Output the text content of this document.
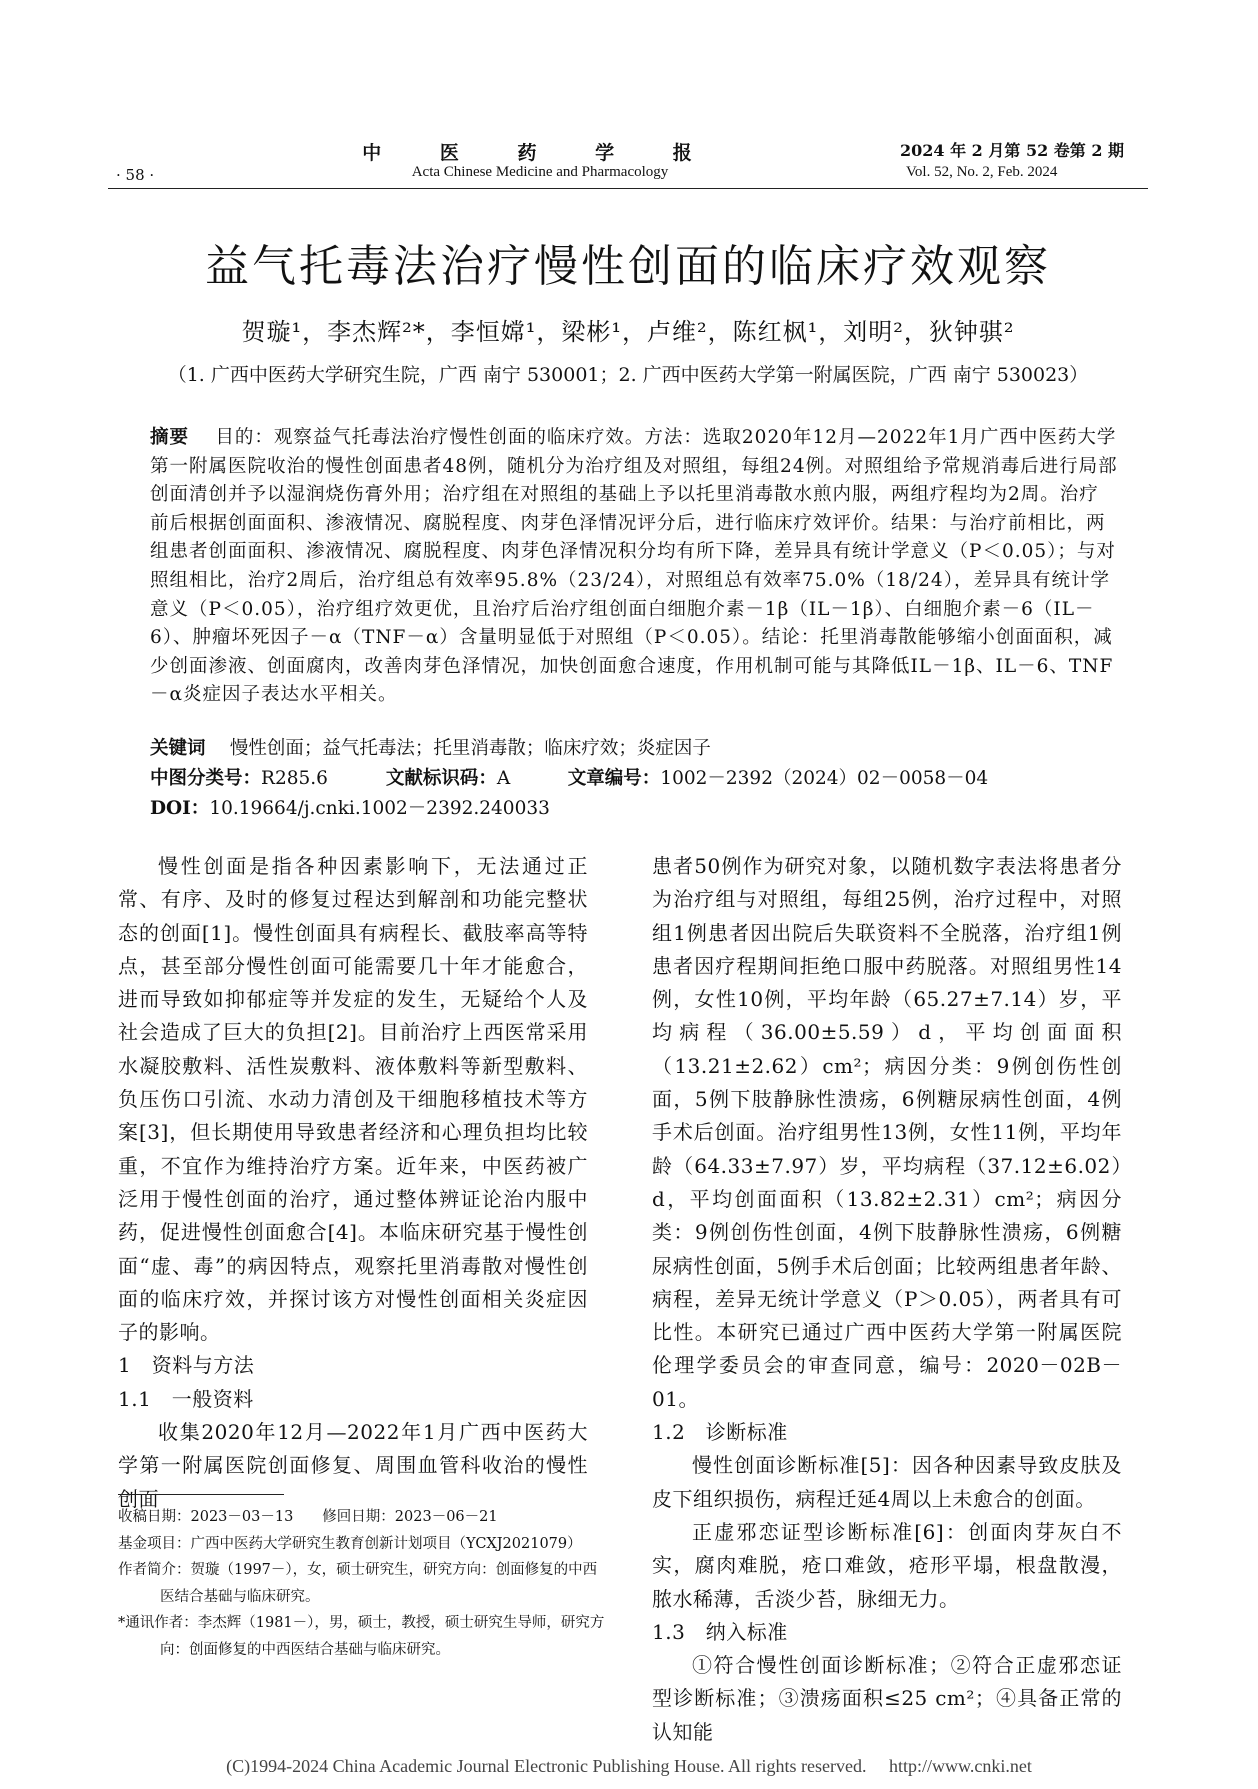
中 医 药 学 报
Acta Chinese Medicine and Pharmacology
· 58 ·
2024 年 2 月第 52 卷第 2 期
Vol. 52, No. 2, Feb. 2024
益气托毒法治疗慢性创面的临床疗效观察
贺璇¹，李杰辉²*，李恒嫦¹，梁彬¹，卢维²，陈红枫¹，刘明²，狄钟骐²
（1. 广西中医药大学研究生院，广西 南宁 530001；2. 广西中医药大学第一附属医院，广西 南宁 530023）
摘要　 目的：观察益气托毒法治疗慢性创面的临床疗效。方法：选取2020年12月—2022年1月广西中医药大学第一附属医院收治的慢性创面患者48例，随机分为治疗组及对照组，每组24例。对照组给予常规消毒后进行局部创面清创并予以湿润烧伤膏外用；治疗组在对照组的基础上予以托里消毒散水煎内服，两组疗程均为2周。治疗前后根据创面面积、渗液情况、腐脱程度、肉芽色泽情况评分后，进行临床疗效评价。结果：与治疗前相比，两组患者创面面积、渗液情况、腐脱程度、肉芽色泽情况积分均有所下降，差异具有统计学意义（P＜0.05）；与对照组相比，治疗2周后，治疗组总有效率95.8%（23/24），对照组总有效率75.0%（18/24），差异具有统计学意义（P＜0.05），治疗组疗效更优，且治疗后治疗组创面白细胞介素－1β（IL－1β）、白细胞介素－6（IL－6）、肿瘤坏死因子－α（TNF－α）含量明显低于对照组（P＜0.05）。结论：托里消毒散能够缩小创面面积，减少创面渗液、创面腐肉，改善肉芽色泽情况，加快创面愈合速度，作用机制可能与其降低IL－1β、IL－6、TNF－α炎症因子表达水平相关。
关键词　 慢性创面；益气托毒法；托里消毒散；临床疗效；炎症因子
中图分类号：R285.6	文献标识码：A	文章编号：1002－2392（2024）02－0058－04
DOI：10.19664/j.cnki.1002－2392.240033

慢性创面是指各种因素影响下，无法通过正常、有序、及时的修复过程达到解剖和功能完整状态的创面[1]。慢性创面具有病程长、截肢率高等特点，甚至部分慢性创面可能需要几十年才能愈合，进而导致如抑郁症等并发症的发生，无疑给个人及社会造成了巨大的负担[2]。目前治疗上西医常采用水凝胶敷料、活性炭敷料、液体敷料等新型敷料、负压伤口引流、水动力清创及干细胞移植技术等方案[3]，但长期使用导致患者经济和心理负担均比较重，不宜作为维持治疗方案。近年来，中医药被广泛用于慢性创面的治疗，通过整体辨证论治内服中药，促进慢性创面愈合[4]。本临床研究基于慢性创面“虚、毒”的病因特点，观察托里消毒散对慢性创面的临床疗效，并探讨该方对慢性创面相关炎症因子的影响。

1　资料与方法

1.1　一般资料

收集2020年12月—2022年1月广西中医药大学第一附属医院创面修复、周围血管科收治的慢性创面

患者50例作为研究对象，以随机数字表法将患者分为治疗组与对照组，每组25例，治疗过程中，对照组1例患者因出院后失联资料不全脱落，治疗组1例患者因疗程期间拒绝口服中药脱落。对照组男性14例，女性10例，平均年龄（65.27±7.14）岁，平均病程（36.00±5.59）d，平均创面面积（13.21±2.62）cm²；病因分类：9例创伤性创面，5例下肢静脉性溃疡，6例糖尿病性创面，4例手术后创面。治疗组男性13例，女性11例，平均年龄（64.33±7.97）岁，平均病程（37.12±6.02）d，平均创面面积（13.82±2.31）cm²；病因分类：9例创伤性创面，4例下肢静脉性溃疡，6例糖尿病性创面，5例手术后创面；比较两组患者年龄、病程，差异无统计学意义（P＞0.05），两者具有可比性。本研究已通过广西中医药大学第一附属医院伦理学委员会的审查同意，编号：2020－02B－01。

1.2　诊断标准

慢性创面诊断标准[5]：因各种因素导致皮肤及皮下组织损伤，病程迁延4周以上未愈合的创面。

正虚邪恋证型诊断标准[6]：创面肉芽灰白不实，腐肉难脱，疮口难敛，疮形平塌，根盘散漫，脓水稀薄，舌淡少苔，脉细无力。

1.3　纳入标准

①符合慢性创面诊断标准；②符合正虚邪恋证型诊断标准；③溃疡面积≤25 cm²；④具备正常的认知能

收稿日期：2023－03－13　　修回日期：2023－06－21
基金项目：广西中医药大学研究生教育创新计划项目（YCXJ2021079）
作者简介：贺璇（1997－），女，硕士研究生，研究方向：创面修复的中西
医结合基础与临床研究。
*通讯作者：李杰辉（1981－），男，硕士，教授，硕士研究生导师，研究方
向：创面修复的中西医结合基础与临床研究。
(C)1994-2024 China Academic Journal Electronic Publishing House. All rights reserved.　 http://www.cnki.net
